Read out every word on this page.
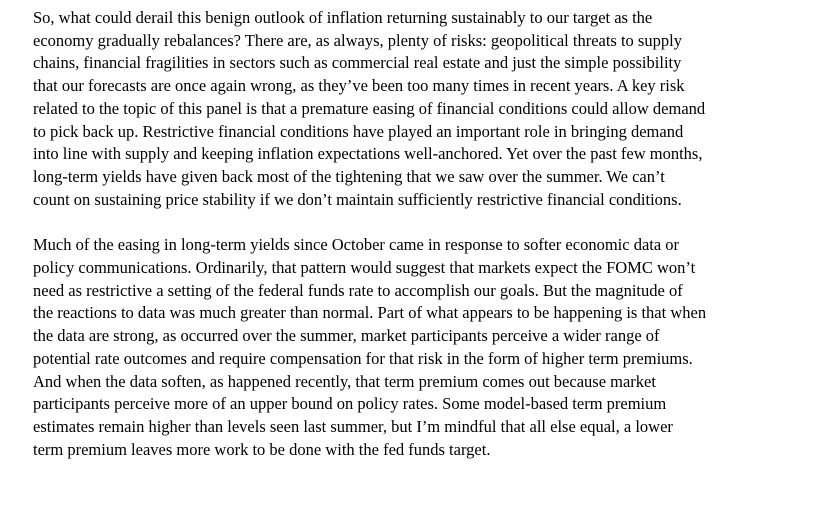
So, what could derail this benign outlook of inflation returning sustainably to our target as the
economy gradually rebalances? There are, as always, plenty of risks: geopolitical threats to supply
chains, financial fragilities in sectors such as commercial real estate and just the simple possibility
that our forecasts are once again wrong, as they’ve been too many times in recent years. A key risk
related to the topic of this panel is that a premature easing of financial conditions could allow demand
to pick back up. Restrictive financial conditions have played an important role in bringing demand
into line with supply and keeping inflation expectations well-anchored. Yet over the past few months,
long-term yields have given back most of the tightening that we saw over the summer. We can’t
count on sustaining price stability if we don’t maintain sufficiently restrictive financial conditions.

Much of the easing in long-term yields since October came in response to softer economic data or
policy communications. Ordinarily, that pattern would suggest that markets expect the FOMC won’t
need as restrictive a setting of the federal funds rate to accomplish our goals. But the magnitude of
the reactions to data was much greater than normal. Part of what appears to be happening is that when
the data are strong, as occurred over the summer, market participants perceive a wider range of
potential rate outcomes and require compensation for that risk in the form of higher term premiums.
And when the data soften, as happened recently, that term premium comes out because market
participants perceive more of an upper bound on policy rates. Some model-based term premium
estimates remain higher than levels seen last summer, but I’m mindful that all else equal, a lower
term premium leaves more work to be done with the fed funds target.
